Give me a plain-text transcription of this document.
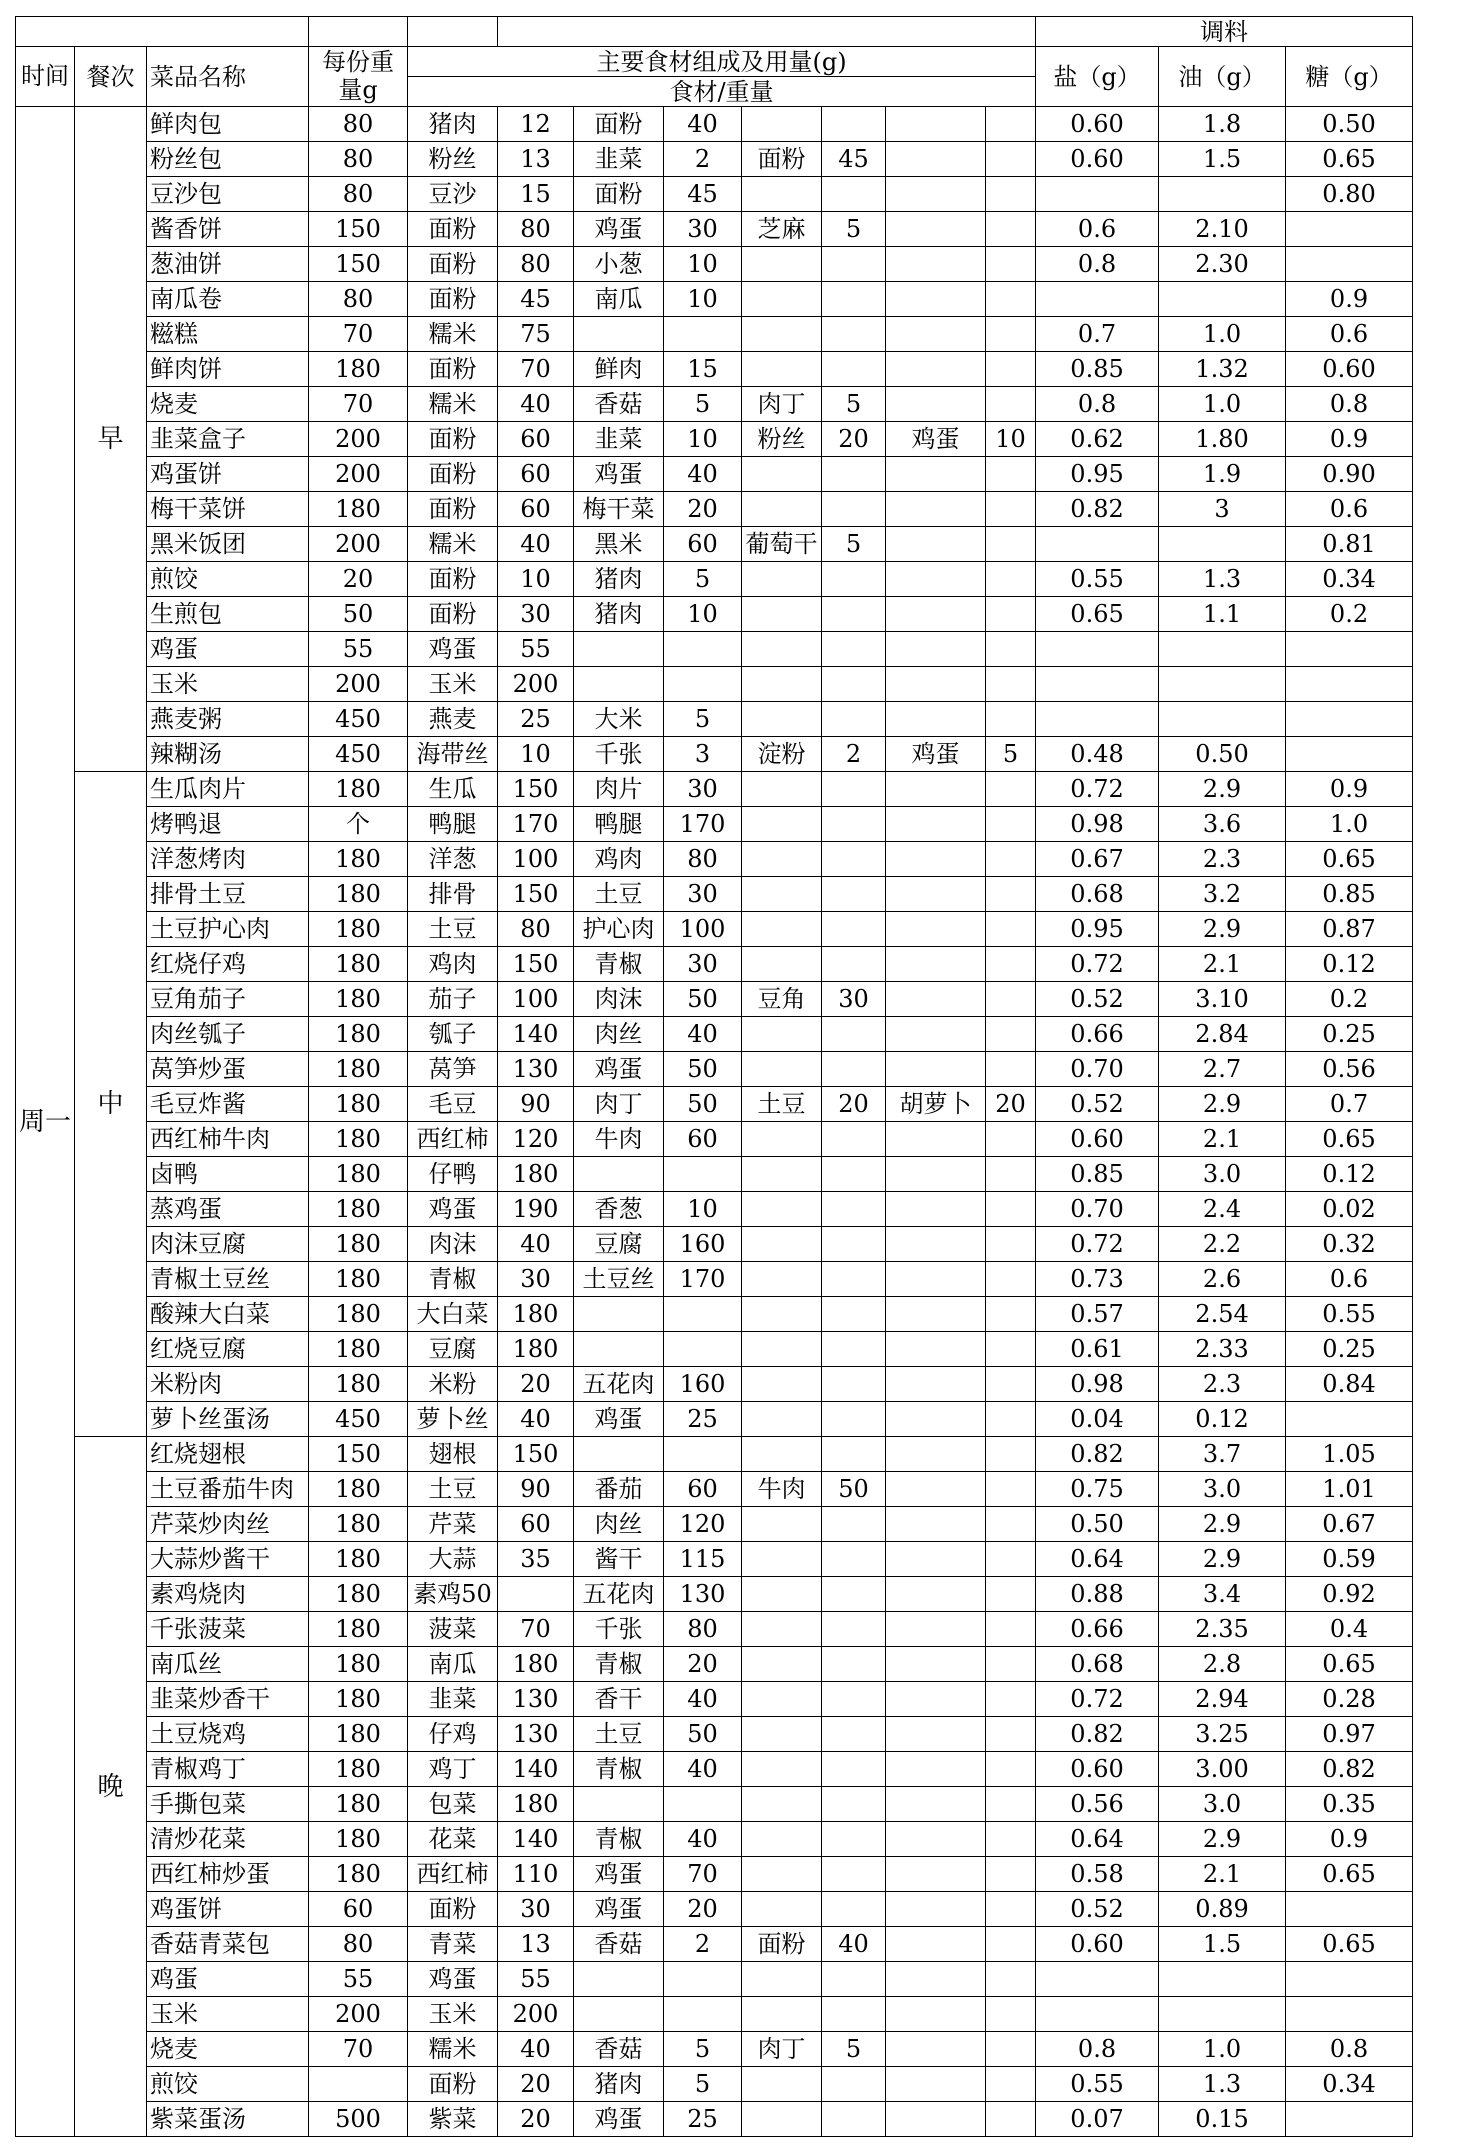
												调料		
时间	餐次	菜品名称	每份重量g	主要食材组成及用量(g)								盐（g）	油（g）	糖（g）
				食材/重量										
周一	早	鲜肉包	80	猪肉	12	面粉	40					0.60	1.8	0.50
		粉丝包	80	粉丝	13	韭菜	2	面粉	45			0.60	1.5	0.65
		豆沙包	80	豆沙	15	面粉	45							0.80
		酱香饼	150	面粉	80	鸡蛋	30	芝麻	5			0.6	2.10	
		葱油饼	150	面粉	80	小葱	10					0.8	2.30	
		南瓜卷	80	面粉	45	南瓜	10							0.9
		糍糕	70	糯米	75							0.7	1.0	0.6
		鲜肉饼	180	面粉	70	鲜肉	15					0.85	1.32	0.60
		烧麦	70	糯米	40	香菇	5	肉丁	5			0.8	1.0	0.8
		韭菜盒子	200	面粉	60	韭菜	10	粉丝	20	鸡蛋	10	0.62	1.80	0.9
		鸡蛋饼	200	面粉	60	鸡蛋	40					0.95	1.9	0.90
		梅干菜饼	180	面粉	60	梅干菜	20					0.82	3	0.6
		黑米饭团	200	糯米	40	黑米	60	葡萄干	5					0.81
		煎饺	20	面粉	10	猪肉	5					0.55	1.3	0.34
		生煎包	50	面粉	30	猪肉	10					0.65	1.1	0.2
		鸡蛋	55	鸡蛋	55									
		玉米	200	玉米	200									
		燕麦粥	450	燕麦	25	大米	5							
		辣糊汤	450	海带丝	10	千张	3	淀粉	2	鸡蛋	5	0.48	0.50	
	中	生瓜肉片	180	生瓜	150	肉片	30					0.72	2.9	0.9
		烤鸭退	个	鸭腿	170	鸭腿	170					0.98	3.6	1.0
		洋葱烤肉	180	洋葱	100	鸡肉	80					0.67	2.3	0.65
		排骨土豆	180	排骨	150	土豆	30					0.68	3.2	0.85
		土豆护心肉	180	土豆	80	护心肉	100					0.95	2.9	0.87
		红烧仔鸡	180	鸡肉	150	青椒	30					0.72	2.1	0.12
		豆角茄子	180	茄子	100	肉沫	50	豆角	30			0.52	3.10	0.2
		肉丝瓠子	180	瓠子	140	肉丝	40					0.66	2.84	0.25
		莴笋炒蛋	180	莴笋	130	鸡蛋	50					0.70	2.7	0.56
		毛豆炸酱	180	毛豆	90	肉丁	50	土豆	20	胡萝卜	20	0.52	2.9	0.7
		西红柿牛肉	180	西红柿	120	牛肉	60					0.60	2.1	0.65
		卤鸭	180	仔鸭	180							0.85	3.0	0.12
		蒸鸡蛋	180	鸡蛋	190	香葱	10					0.70	2.4	0.02
		肉沫豆腐	180	肉沫	40	豆腐	160					0.72	2.2	0.32
		青椒土豆丝	180	青椒	30	土豆丝	170					0.73	2.6	0.6
		酸辣大白菜	180	大白菜	180							0.57	2.54	0.55
		红烧豆腐	180	豆腐	180							0.61	2.33	0.25
		米粉肉	180	米粉	20	五花肉	160					0.98	2.3	0.84
		萝卜丝蛋汤	450	萝卜丝	40	鸡蛋	25					0.04	0.12	
	晚	红烧翅根	150	翅根	150							0.82	3.7	1.05
		土豆番茄牛肉	180	土豆	90	番茄	60	牛肉	50			0.75	3.0	1.01
		芹菜炒肉丝	180	芹菜	60	肉丝	120					0.50	2.9	0.67
		大蒜炒酱干	180	大蒜	35	酱干	115					0.64	2.9	0.59
		素鸡烧肉	180	素鸡50		五花肉	130					0.88	3.4	0.92
		千张菠菜	180	菠菜	70	千张	80					0.66	2.35	0.4
		南瓜丝	180	南瓜	180	青椒	20					0.68	2.8	0.65
		韭菜炒香干	180	韭菜	130	香干	40					0.72	2.94	0.28
		土豆烧鸡	180	仔鸡	130	土豆	50					0.82	3.25	0.97
		青椒鸡丁	180	鸡丁	140	青椒	40					0.60	3.00	0.82
		手撕包菜	180	包菜	180							0.56	3.0	0.35
		清炒花菜	180	花菜	140	青椒	40					0.64	2.9	0.9
		西红柿炒蛋	180	西红柿	110	鸡蛋	70					0.58	2.1	0.65
		鸡蛋饼	60	面粉	30	鸡蛋	20					0.52	0.89	
		香菇青菜包	80	青菜	13	香菇	2	面粉	40			0.60	1.5	0.65
		鸡蛋	55	鸡蛋	55									
		玉米	200	玉米	200									
		烧麦	70	糯米	40	香菇	5	肉丁	5			0.8	1.0	0.8
		煎饺		面粉	20	猪肉	5					0.55	1.3	0.34
		紫菜蛋汤	500	紫菜	20	鸡蛋	25					0.07	0.15	
